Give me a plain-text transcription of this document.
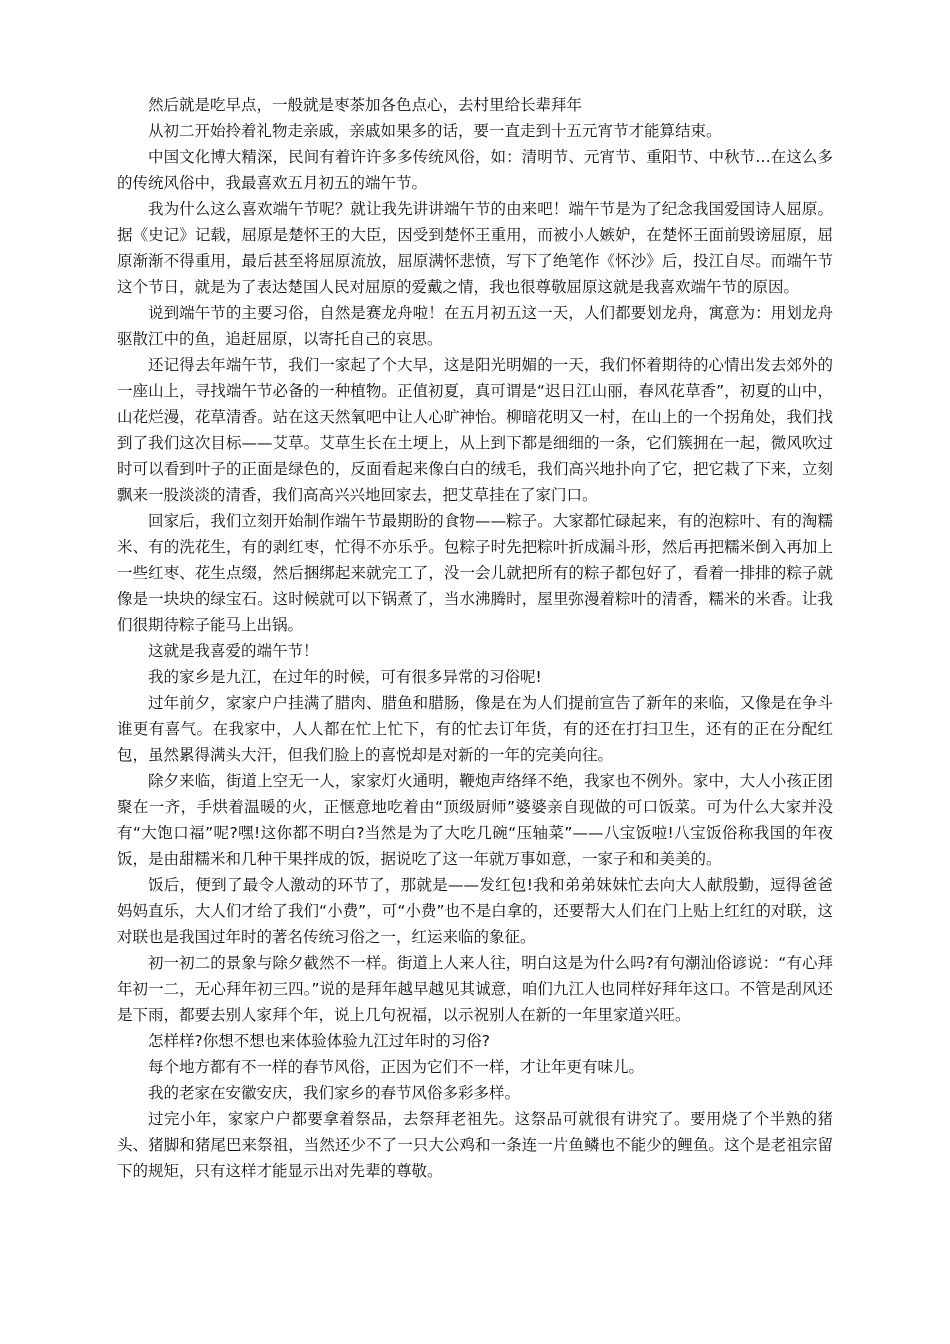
然后就是吃早点，一般就是枣茶加各色点心，去村里给长辈拜年

从初二开始拎着礼物走亲戚，亲戚如果多的话，要一直走到十五元宵节才能算结束。

中国文化博大精深，民间有着许许多多传统风俗，如：清明节、元宵节、重阳节、中秋节…在这么多的传统风俗中，我最喜欢五月初五的端午节。

我为什么这么喜欢端午节呢？就让我先讲讲端午节的由来吧！端午节是为了纪念我国爱国诗人屈原。据《史记》记载，屈原是楚怀王的大臣，因受到楚怀王重用，而被小人嫉妒，在楚怀王面前毁谤屈原，屈原渐渐不得重用，最后甚至将屈原流放，屈原满怀悲愤，写下了绝笔作《怀沙》后，投江自尽。而端午节这个节日，就是为了表达楚国人民对屈原的爱戴之情，我也很尊敬屈原这就是我喜欢端午节的原因。

说到端午节的主要习俗，自然是赛龙舟啦！在五月初五这一天，人们都要划龙舟，寓意为：用划龙舟驱散江中的鱼，追赶屈原，以寄托自己的哀思。

还记得去年端午节，我们一家起了个大早，这是阳光明媚的一天，我们怀着期待的心情出发去郊外的一座山上，寻找端午节必备的一种植物。正值初夏，真可谓是“迟日江山丽，春风花草香”，初夏的山中，山花烂漫，花草清香。站在这天然氧吧中让人心旷神怡。柳暗花明又一村，在山上的一个拐角处，我们找到了我们这次目标——艾草。艾草生长在土埂上，从上到下都是细细的一条，它们簇拥在一起，微风吹过时可以看到叶子的正面是绿色的，反面看起来像白白的绒毛，我们高兴地扑向了它，把它栽了下来，立刻飘来一股淡淡的清香，我们高高兴兴地回家去，把艾草挂在了家门口。

回家后，我们立刻开始制作端午节最期盼的食物——粽子。大家都忙碌起来，有的泡粽叶、有的淘糯米、有的洗花生，有的剥红枣，忙得不亦乐乎。包粽子时先把粽叶折成漏斗形，然后再把糯米倒入再加上一些红枣、花生点缀，然后捆绑起来就完工了，没一会儿就把所有的粽子都包好了，看着一排排的粽子就像是一块块的绿宝石。这时候就可以下锅煮了，当水沸腾时，屋里弥漫着粽叶的清香，糯米的米香。让我们很期待粽子能马上出锅。

这就是我喜爱的端午节！

我的家乡是九江，在过年的时候，可有很多异常的习俗呢!

过年前夕，家家户户挂满了腊肉、腊鱼和腊肠，像是在为人们提前宣告了新年的来临，又像是在争斗谁更有喜气。在我家中，人人都在忙上忙下，有的忙去订年货，有的还在打扫卫生，还有的正在分配红包，虽然累得满头大汗，但我们脸上的喜悦却是对新的一年的完美向往。

除夕来临，街道上空无一人，家家灯火通明，鞭炮声络绎不绝，我家也不例外。家中，大人小孩正团聚在一齐，手烘着温暖的火，正惬意地吃着由“顶级厨师”婆婆亲自现做的可口饭菜。可为什么大家并没有“大饱口福”呢?嘿!这你都不明白?当然是为了大吃几碗“压轴菜”——八宝饭啦!八宝饭俗称我国的年夜饭，是由甜糯米和几种干果拌成的饭，据说吃了这一年就万事如意，一家子和和美美的。

饭后，便到了最令人激动的环节了，那就是——发红包!我和弟弟妹妹忙去向大人献殷勤，逗得爸爸妈妈直乐，大人们才给了我们“小费”，可“小费”也不是白拿的，还要帮大人们在门上贴上红红的对联，这对联也是我国过年时的著名传统习俗之一，红运来临的象征。

初一初二的景象与除夕截然不一样。街道上人来人往，明白这是为什么吗?有句潮汕俗谚说：“有心拜年初一二，无心拜年初三四。”说的是拜年越早越见其诚意，咱们九江人也同样好拜年这口。不管是刮风还是下雨，都要去别人家拜个年，说上几句祝福，以示祝别人在新的一年里家道兴旺。

怎样样?你想不想也来体验体验九江过年时的习俗?

每个地方都有不一样的春节风俗，正因为它们不一样，才让年更有味儿。

我的老家在安徽安庆，我们家乡的春节风俗多彩多样。

过完小年，家家户户都要拿着祭品，去祭拜老祖先。这祭品可就很有讲究了。要用烧了个半熟的猪头、猪脚和猪尾巴来祭祖，当然还少不了一只大公鸡和一条连一片鱼鳞也不能少的鲤鱼。这个是老祖宗留下的规矩，只有这样才能显示出对先辈的尊敬。
